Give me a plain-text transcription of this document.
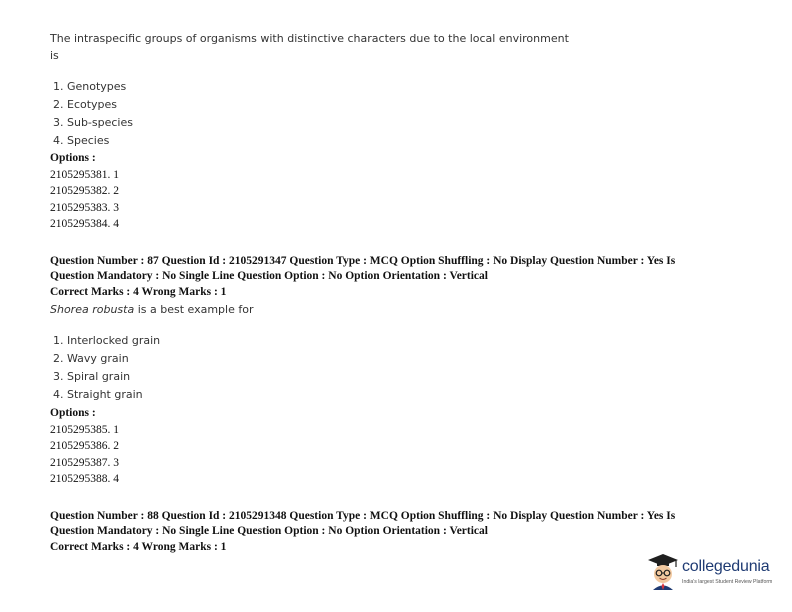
The intraspecific groups of organisms with distinctive characters due to the local environment
is
1. Genotypes
2. Ecotypes
3. Sub-species
4. Species
Options :
2105295381. 1
2105295382. 2
2105295383. 3
2105295384. 4
Question Number : 87 Question Id : 2105291347 Question Type : MCQ Option Shuffling : No Display Question Number : Yes Is
Question Mandatory : No Single Line Question Option : No Option Orientation : Vertical
Correct Marks : 4 Wrong Marks : 1
Shorea robusta is a best example for
1. Interlocked grain
2. Wavy grain
3. Spiral grain
4. Straight grain
Options :
2105295385. 1
2105295386. 2
2105295387. 3
2105295388. 4
Question Number : 88 Question Id : 2105291348 Question Type : MCQ Option Shuffling : No Display Question Number : Yes Is
Question Mandatory : No Single Line Question Option : No Option Orientation : Vertical
Correct Marks : 4 Wrong Marks : 1
collegedunia
India's largest Student Review Platform
